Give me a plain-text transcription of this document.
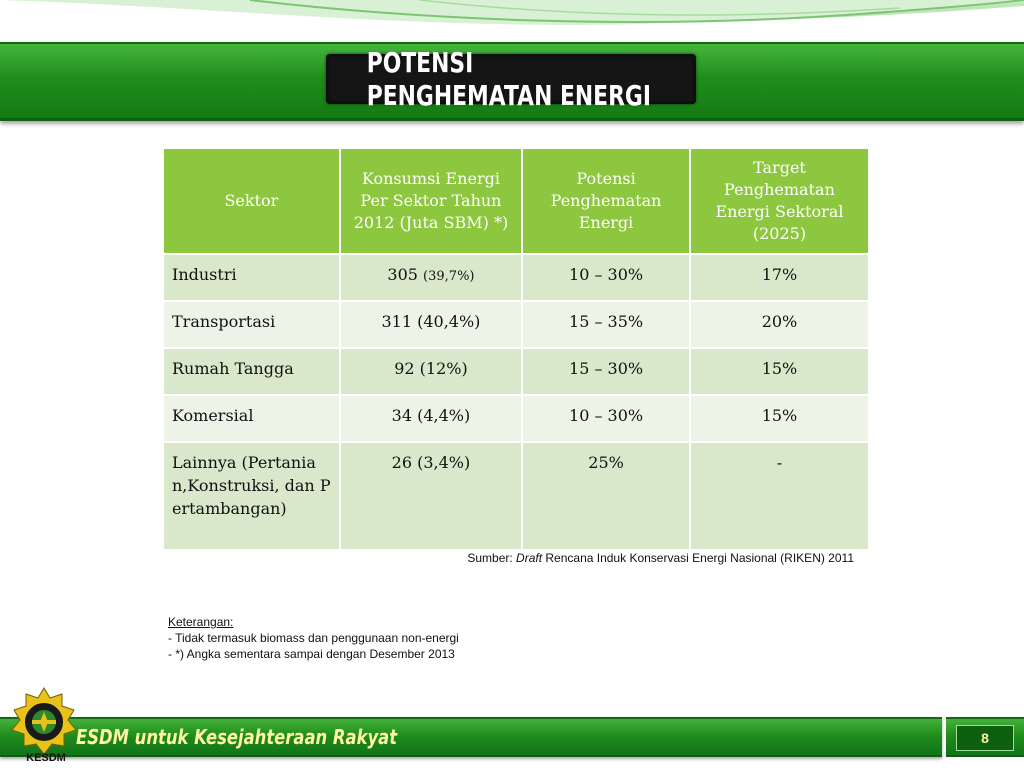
POTENSI PENGHEMATAN ENERGI
Sektor	Konsumsi Energi Per Sektor Tahun 2012 (Juta SBM) *)	Potensi Penghematan Energi	Target Penghematan Energi Sektoral (2025)
Industri	305 (39,7%)	10 – 30%	17%
Transportasi	311 (40,4%)	15 – 35%	20%
Rumah Tangga	92 (12%)	15 – 30%	15%
Komersial	34 (4,4%)	10 – 30%	15%
Lainnya (Pertanian,Konstruksi, dan Pertambangan)	26 (3,4%)	25%	-
Sumber: Draft Rencana Induk Konservasi Energi Nasional (RIKEN) 2011
Keterangan:
- Tidak termasuk biomass dan penggunaan non-energi
- *) Angka sementara sampai dengan Desember 2013
ESDM untuk Kesejahteraan Rakyat	8
KESDM
